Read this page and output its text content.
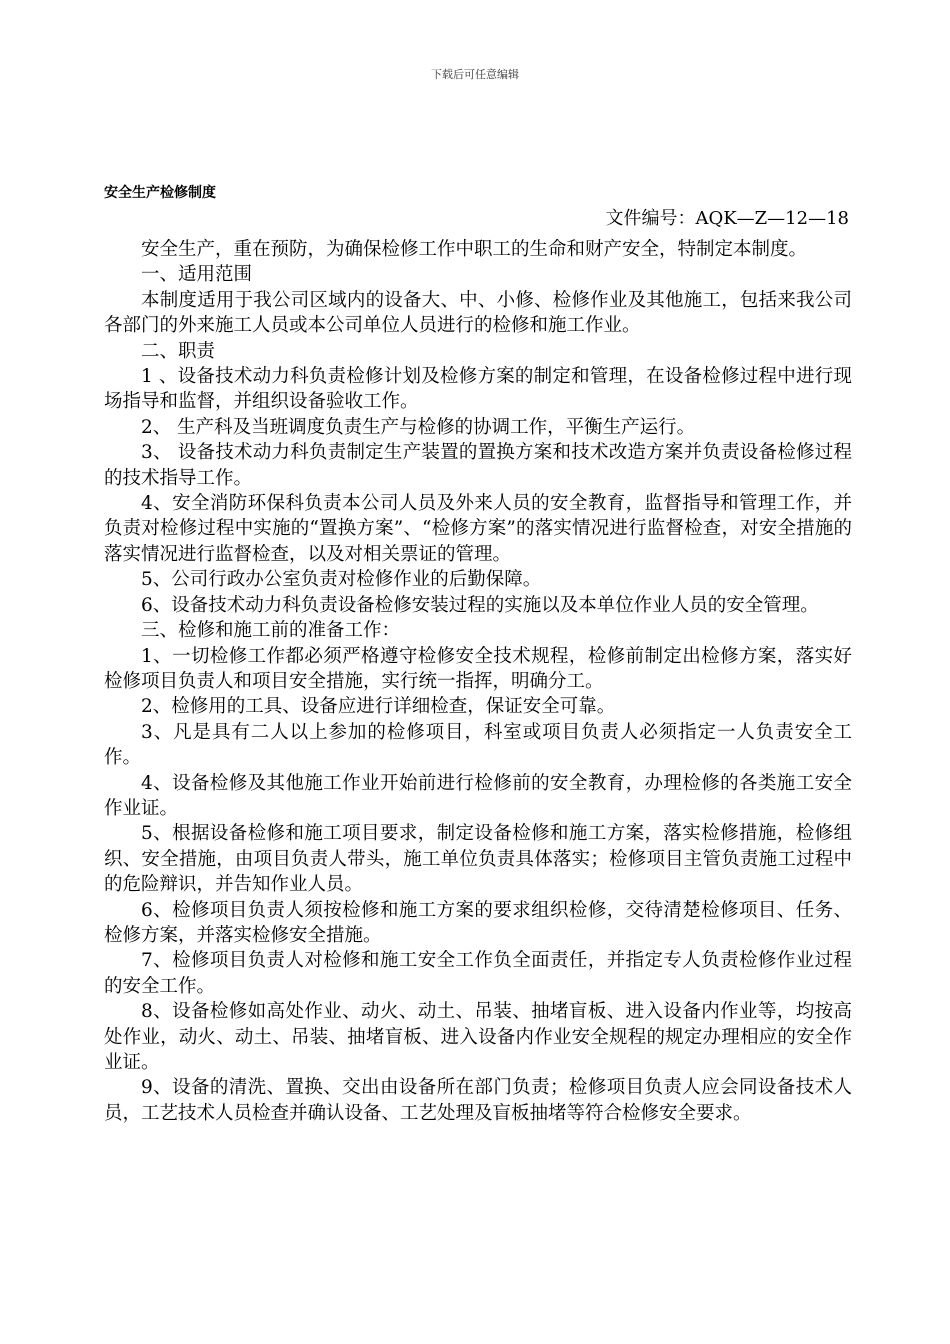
下载后可任意编辑
安全生产检修制度
文件编号：AQK—Z—12—18

安全生产，重在预防，为确保检修工作中职工的生命和财产安全，特制定本制度。

一、适用范围

本制度适用于我公司区域内的设备大、中、小修、检修作业及其他施工，包括来我公司各部门的外来施工人员或本公司单位人员进行的检修和施工作业。

二、职责

1 、设备技术动力科负责检修计划及检修方案的制定和管理，在设备检修过程中进行现场指导和监督，并组织设备验收工作。

2、 生产科及当班调度负责生产与检修的协调工作，平衡生产运行。

3、 设备技术动力科负责制定生产装置的置换方案和技术改造方案并负责设备检修过程的技术指导工作。

4、安全消防环保科负责本公司人员及外来人员的安全教育，监督指导和管理工作，并负责对检修过程中实施的“置换方案”、“检修方案”的落实情况进行监督检查，对安全措施的落实情况进行监督检查，以及对相关票证的管理。

5、公司行政办公室负责对检修作业的后勤保障。

6、设备技术动力科负责设备检修安装过程的实施以及本单位作业人员的安全管理。

三、检修和施工前的准备工作：

1、一切检修工作都必须严格遵守检修安全技术规程，检修前制定出检修方案，落实好检修项目负责人和项目安全措施，实行统一指挥，明确分工。

2、检修用的工具、设备应进行详细检查，保证安全可靠。

3、凡是具有二人以上参加的检修项目，科室或项目负责人必须指定一人负责安全工作。

4、设备检修及其他施工作业开始前进行检修前的安全教育，办理检修的各类施工安全作业证。

5、根据设备检修和施工项目要求，制定设备检修和施工方案，落实检修措施，检修组织、安全措施，由项目负责人带头，施工单位负责具体落实；检修项目主管负责施工过程中的危险辩识，并告知作业人员。

6、检修项目负责人须按检修和施工方案的要求组织检修，交待清楚检修项目、任务、检修方案，并落实检修安全措施。

7、检修项目负责人对检修和施工安全工作负全面责任，并指定专人负责检修作业过程的安全工作。

8、设备检修如高处作业、动火、动土、吊装、抽堵盲板、进入设备内作业等，均按高处作业，动火、动土、吊装、抽堵盲板、进入设备内作业安全规程的规定办理相应的安全作业证。

9、设备的清洗、置换、交出由设备所在部门负责；检修项目负责人应会同设备技术人员，工艺技术人员检查并确认设备、工艺处理及盲板抽堵等符合检修安全要求。
